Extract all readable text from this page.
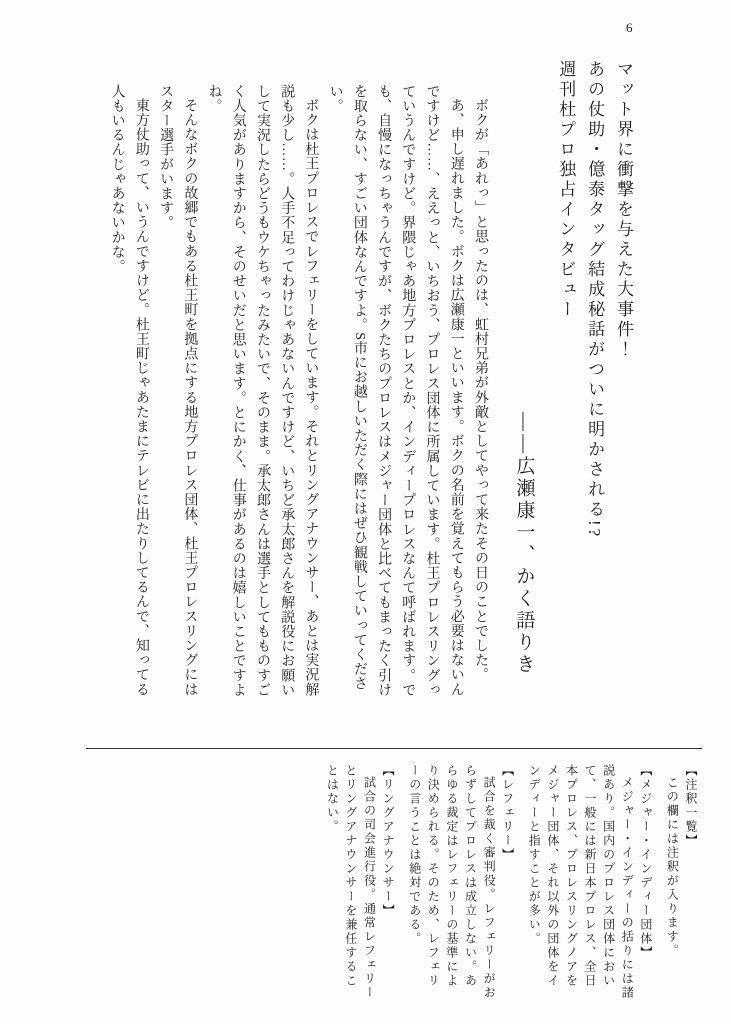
6

マット界に衝撃を与えた大事件！

あの仗助・億泰タッグ結成秘話がついに明かされる!?

週刊杜プロ独占インタビュー

――広瀬康一、かく語りき

ボクが「あれっ」と思ったのは、虹村兄弟が外敵としてやって来たその日のことでした。

あ、申し遅れました。ボクは広瀬康一といいます。ボクの名前を覚えてもらう必要はないんですけど……、ええっと、いちおう、プロレス団体に所属しています。杜王プロレスリングっていうんですけど。界隈じゃあ地方プロレスとか、インディープロレスなんて呼ばれます。でも、自慢になっちゃうんですが、ボクたちのプロレスはメジャー団体と比べてもまったく引けを取らない、すごい団体なんですよ。S市にお越しいただく際にはぜひ観戦していってください。

ボクは杜王プロレスでレフェリーをしています。それとリングアナウンサー、あとは実況解説も少し……。人手不足ってわけじゃあないんですけど、いちど承太郎さんを解説役にお願いして実況したらどうもウケちゃったみたいで、そのまま。承太郎さんは選手としてもものすごく人気がありますから、そのせいだと思います。とにかく、仕事があるのは嬉しいことですよね。

そんなボクの故郷でもある杜王町を拠点にする地方プロレス団体、杜王プロレスリングにはスター選手がいます。

東方仗助って、いうんですけど。杜王町じゃあたまにテレビに出たりしてるんで、知ってる人もいるんじゃあないかな。

【注釈一覧】

この欄には注釈が入ります。

【メジャー・インディー団体】

メジャー・インディーの括りには諸説あり。国内のプロレス団体において、一般には新日本プロレス、全日本プロレス、プロレスリングノアをメジャー団体、それ以外の団体をインディーと指すことが多い。

【レフェリー】

試合を裁く審判役。レフェリーがおらずしてプロレスは成立しない。あらゆる裁定はレフェリーの基準により決められる。そのため、レフェリーの言うことは絶対である。

【リングアナウンサー】

試合の司会進行役。通常レフェリーとリングアナウンサーを兼任することはない。
